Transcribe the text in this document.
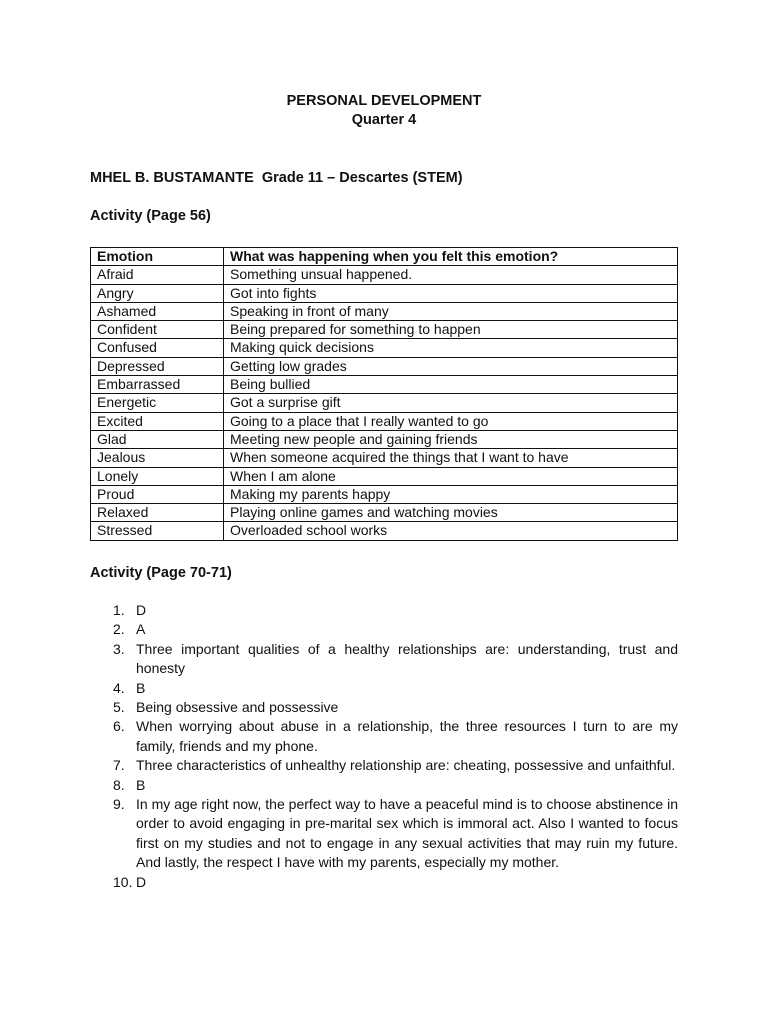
PERSONAL DEVELOPMENT
Quarter 4
MHEL B. BUSTAMANTE  Grade 11 – Descartes (STEM)
Activity (Page 56)
Emotion	What was happening when you felt this emotion?
Afraid	Something unsual happened.
Angry	Got into fights
Ashamed	Speaking in front of many
Confident	Being prepared for something to happen
Confused	Making quick decisions
Depressed	Getting low grades
Embarrassed	Being bullied
Energetic	Got a surprise gift
Excited	Going to a place that I really wanted to go
Glad	Meeting new people and gaining friends
Jealous	When someone acquired the things that I want to have
Lonely	When I am alone
Proud	Making my parents happy
Relaxed	Playing online games and watching movies
Stressed	Overloaded school works
Activity (Page 70-71)
1. D
2. A
3. Three important qualities of a healthy relationships are: understanding, trust and honesty
4. B
5. Being obsessive and possessive
6. When worrying about abuse in a relationship, the three resources I turn to are my family, friends and my phone.
7. Three characteristics of unhealthy relationship are: cheating, possessive and unfaithful.
8. B
9. In my age right now, the perfect way to have a peaceful mind is to choose abstinence in order to avoid engaging in pre-marital sex which is immoral act. Also I wanted to focus first on my studies and not to engage in any sexual activities that may ruin my future. And lastly, the respect I have with my parents, especially my mother.
10. D
